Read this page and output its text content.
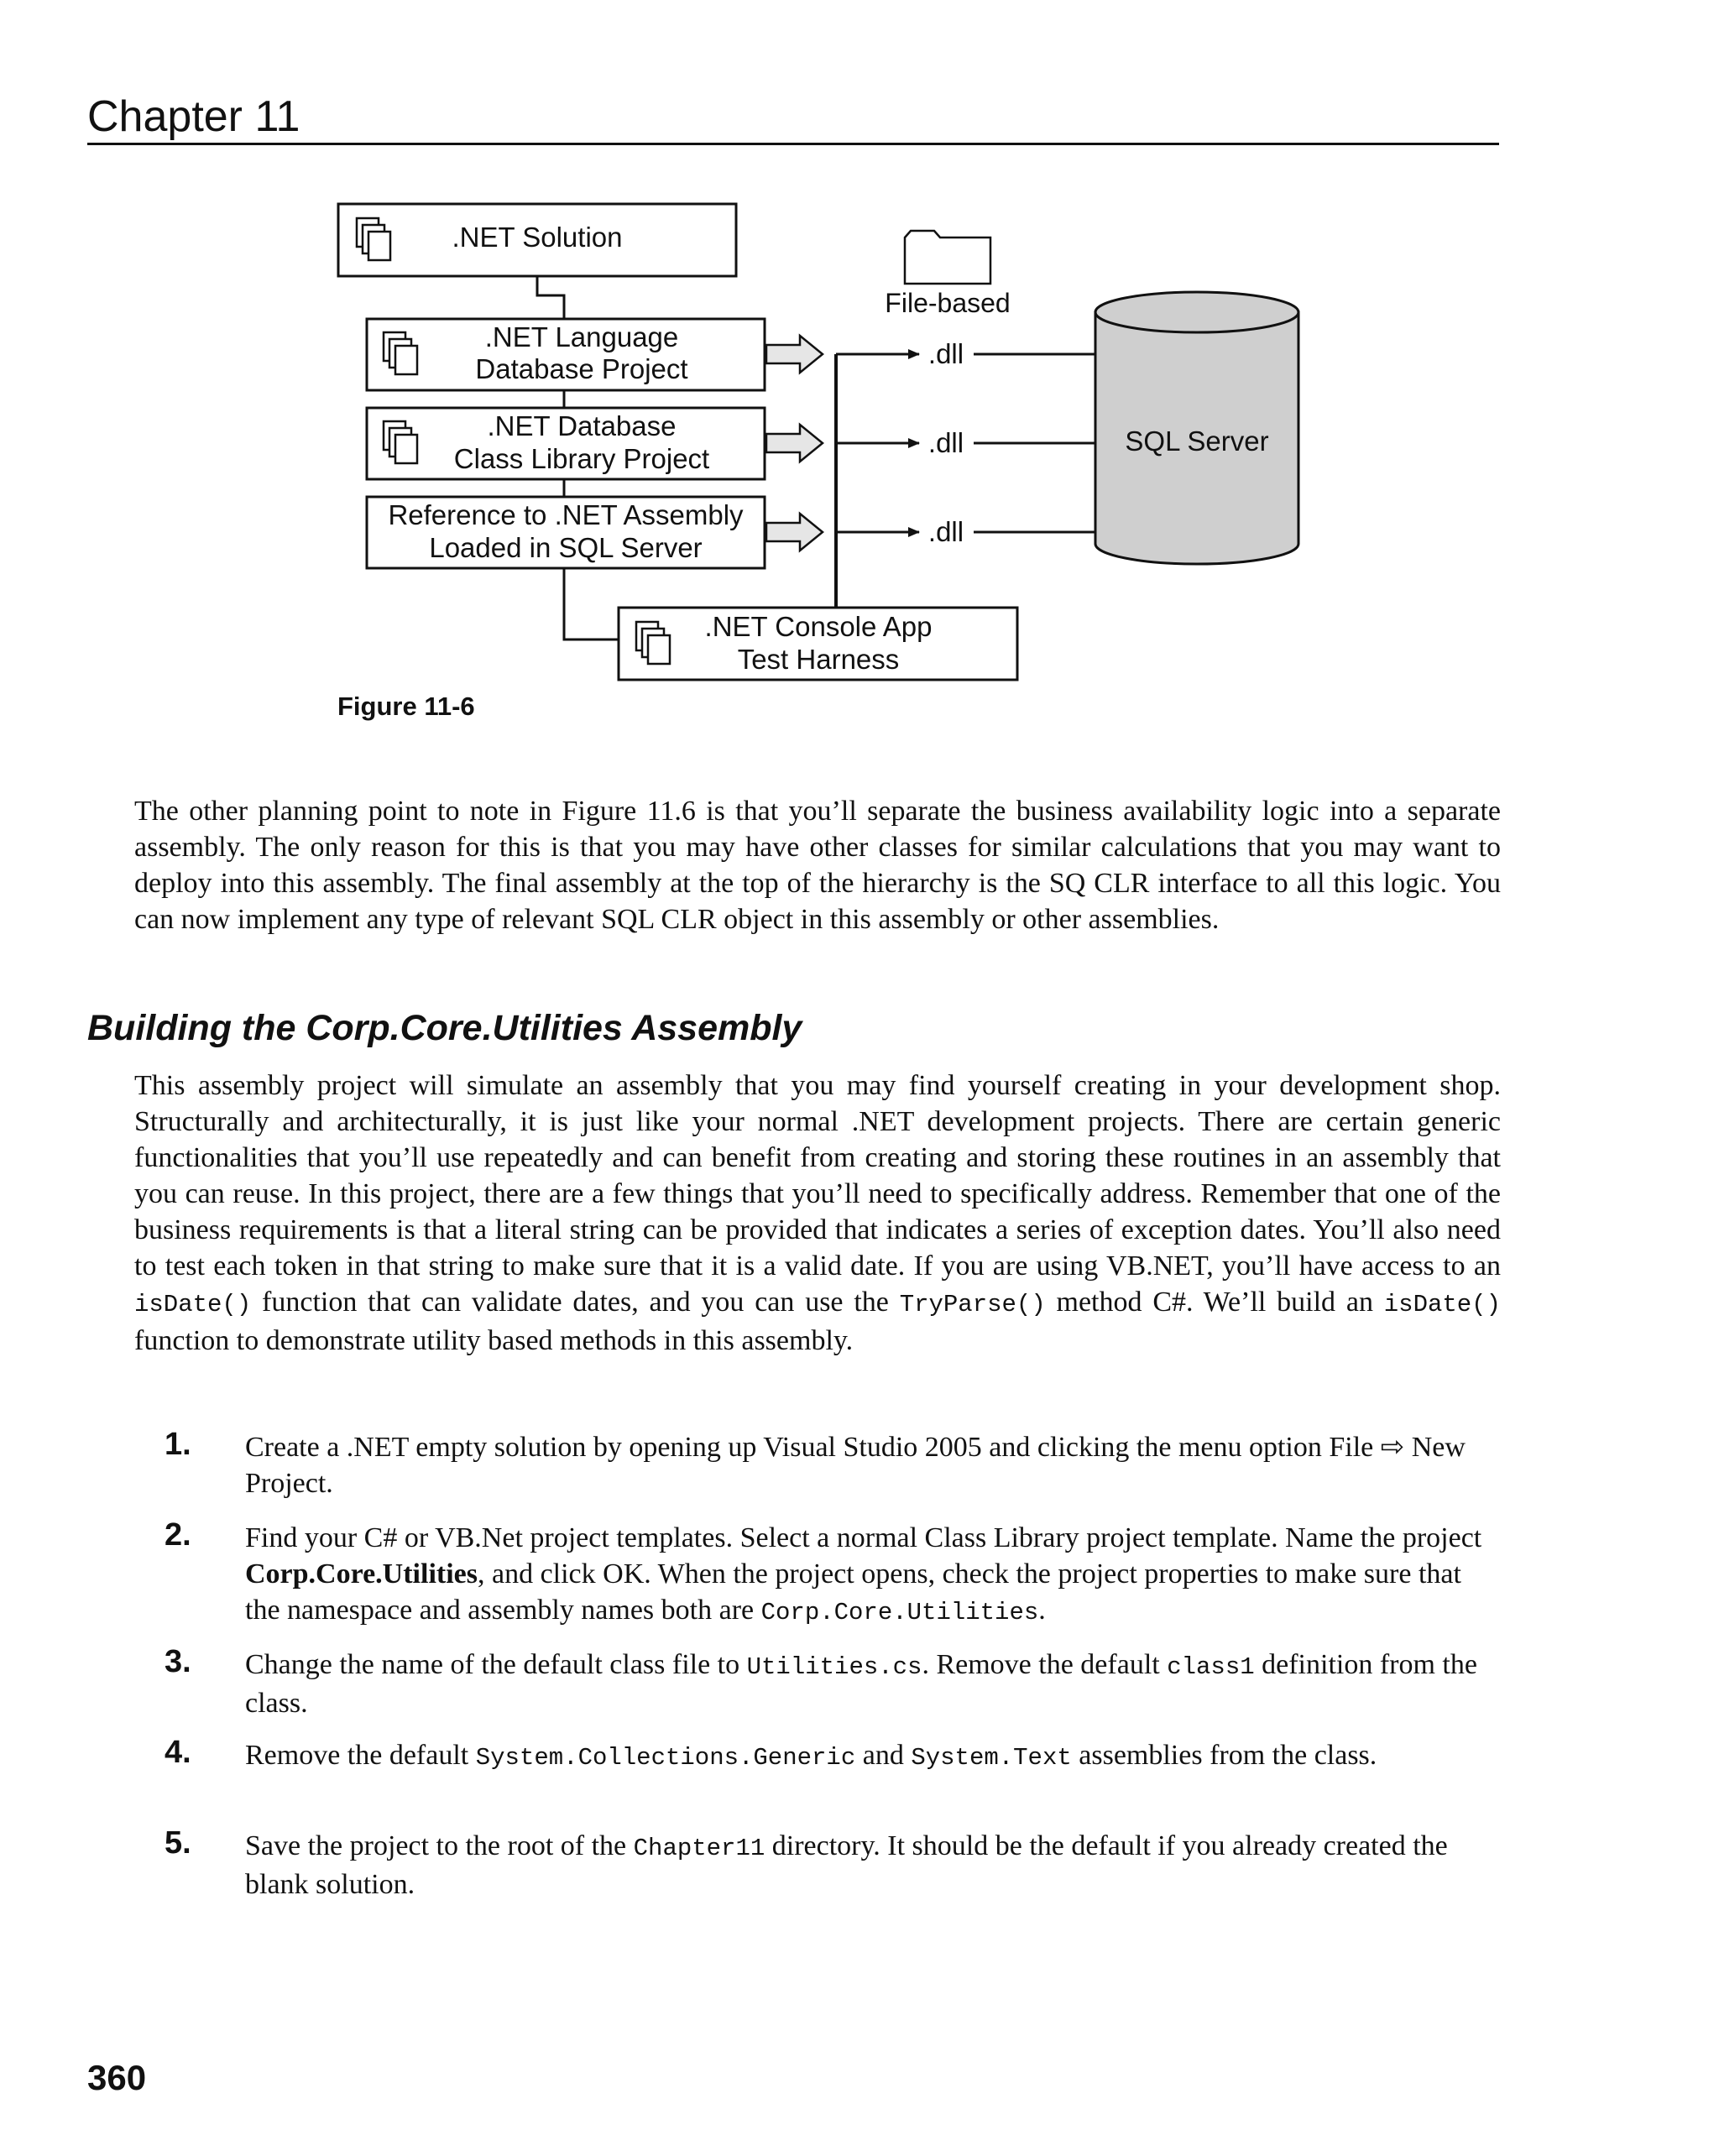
Chapter 11
.NET Solution
.NET Language
Database Project
.NET Database
Class Library Project
Reference to .NET Assembly
Loaded in SQL Server
.dll
.dll
.dll
File-based
SQL Server
.NET Console App
Test Harness
Figure 11-6

The other planning point to note in Figure 11.6 is that you’ll separate the business availability logic into a separate assembly. The only reason for this is that you may have other classes for similar calculations that you may want to deploy into this assembly. The final assembly at the top of the hierarchy is the SQ CLR interface to all this logic. You can now implement any type of relevant SQL CLR object in this assembly or other assemblies.

Building the Corp.Core.Utilities Assembly

This assembly project will simulate an assembly that you may find yourself creating in your development shop. Structurally and architecturally, it is just like your normal .NET development projects. There are certain generic functionalities that you’ll use repeatedly and can benefit from creating and storing these routines in an assembly that you can reuse. In this project, there are a few things that you’ll need to specifically address. Remember that one of the business requirements is that a literal string can be provided that indicates a series of exception dates. You’ll also need to test each token in that string to make sure that it is a valid date. If you are using VB.NET, you’ll have access to an isDate() function that can validate dates, and you can use the TryParse() method C#. We’ll build an isDate() function to demonstrate utility based methods in this assembly.

1. Create a .NET empty solution by opening up Visual Studio 2005 and clicking the menu option File ⇨ New Project.

2. Find your C# or VB.Net project templates. Select a normal Class Library project template. Name the project Corp.Core.Utilities, and click OK. When the project opens, check the project properties to make sure that the namespace and assembly names both are Corp.Core.Utilities.

3. Change the name of the default class file to Utilities.cs. Remove the default class1 definition from the class.

4. Remove the default System.Collections.Generic and System.Text assemblies from the class.

5. Save the project to the root of the Chapter11 directory. It should be the default if you already created the blank solution.

360
